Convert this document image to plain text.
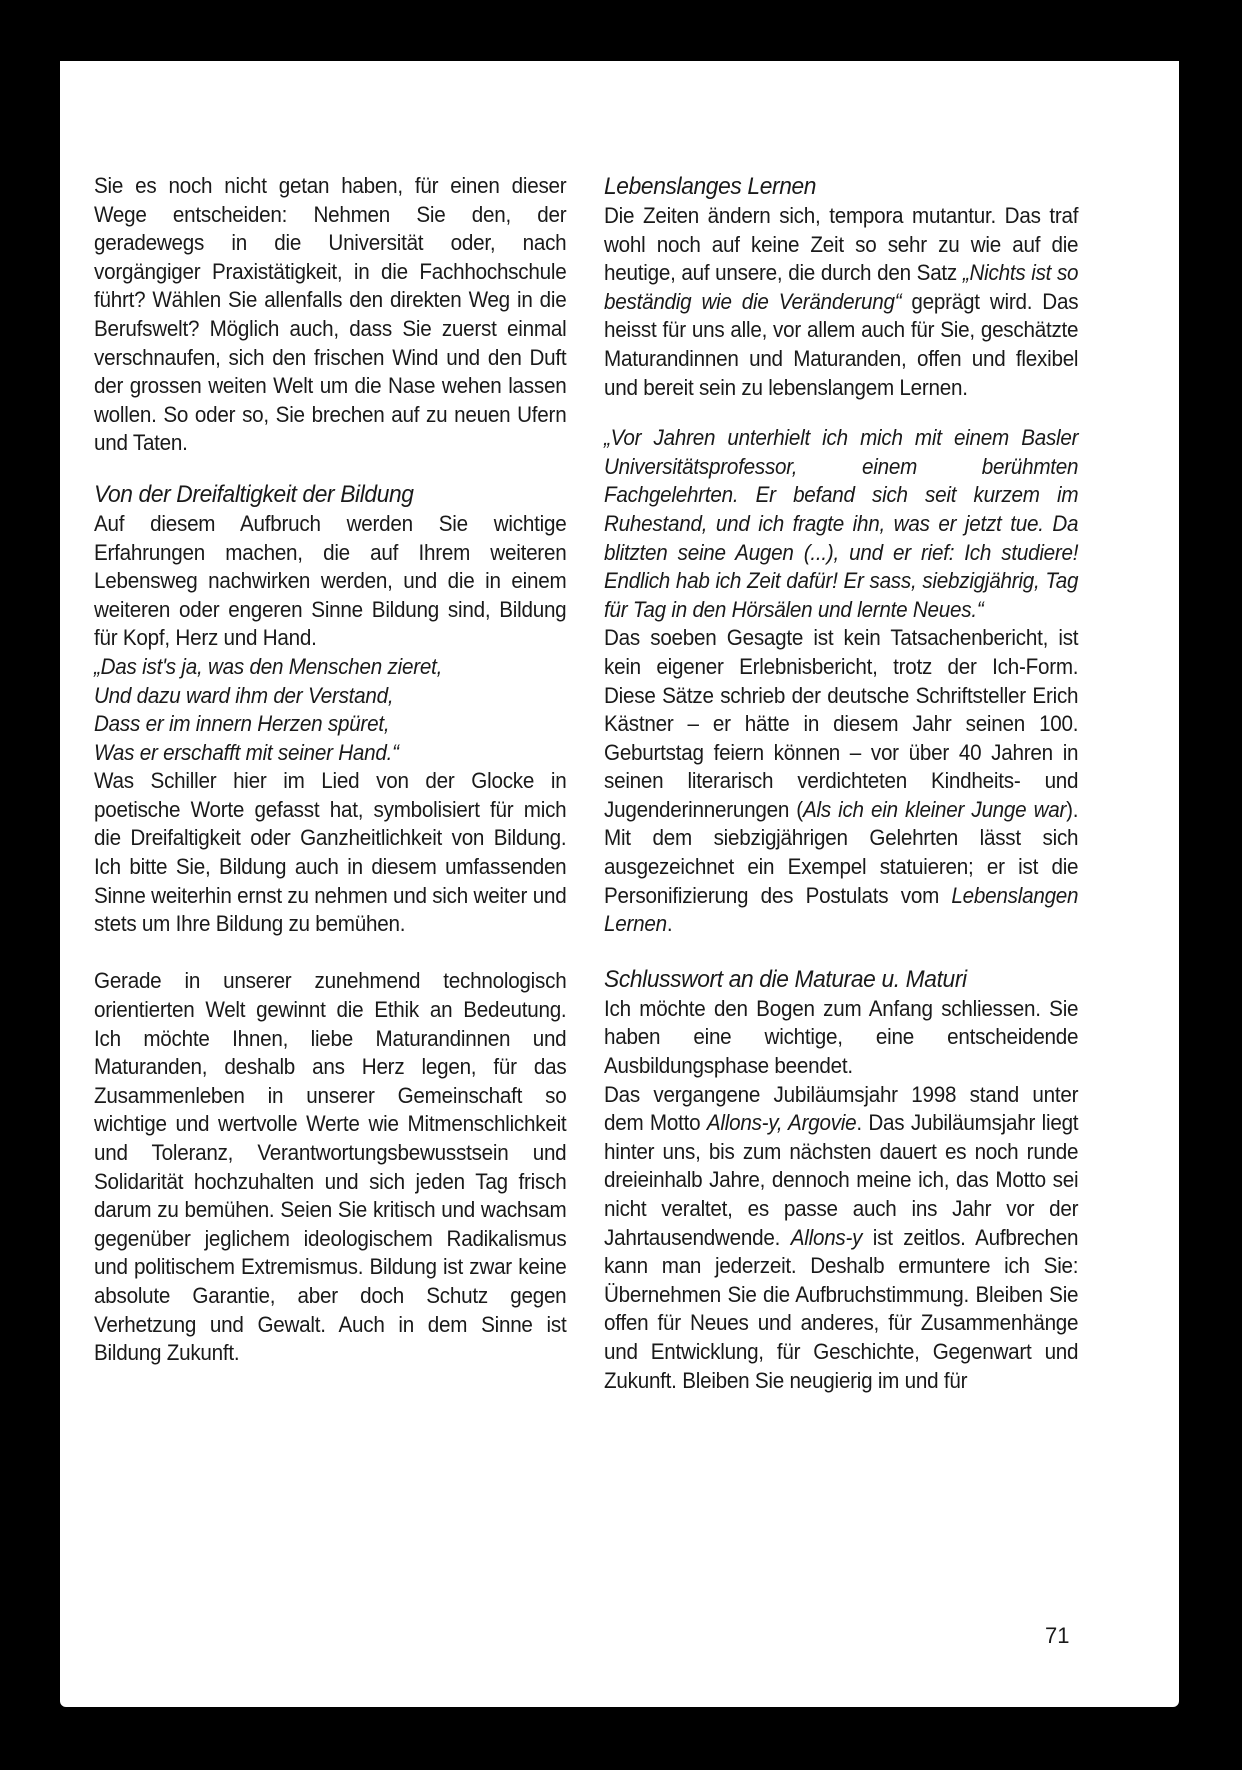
Sie es noch nicht getan haben, für einen dieser Wege entscheiden: Nehmen Sie den, der geradewegs in die Universität oder, nach vorgängiger Praxistätigkeit, in die Fachhochschule führt? Wählen Sie allenfalls den direkten Weg in die Berufswelt? Möglich auch, dass Sie zuerst einmal verschnaufen, sich den frischen Wind und den Duft der grossen weiten Welt um die Nase wehen lassen wollen. So oder so, Sie brechen auf zu neuen Ufern und Taten.

Von der Dreifaltigkeit der Bildung

Auf diesem Aufbruch werden Sie wichtige Erfahrungen machen, die auf Ihrem weiteren Lebensweg nachwirken werden, und die in einem weiteren oder engeren Sinne Bildung sind, Bildung für Kopf, Herz und Hand.

„Das ist's ja, was den Menschen zieret,
Und dazu ward ihm der Verstand,
Dass er im innern Herzen spüret,
Was er erschafft mit seiner Hand.“

Was Schiller hier im Lied von der Glocke in poetische Worte gefasst hat, symbolisiert für mich die Dreifaltigkeit oder Ganzheitlichkeit von Bildung. Ich bitte Sie, Bildung auch in diesem umfassenden Sinne weiterhin ernst zu nehmen und sich weiter und stets um Ihre Bildung zu bemühen.

Gerade in unserer zunehmend technologisch orientierten Welt gewinnt die Ethik an Bedeutung. Ich möchte Ihnen, liebe Maturandinnen und Maturanden, deshalb ans Herz legen, für das Zusammenleben in unserer Gemeinschaft so wichtige und wertvolle Werte wie Mitmenschlichkeit und Toleranz, Verantwortungsbewusstsein und Solidarität hochzuhalten und sich jeden Tag frisch darum zu bemühen. Seien Sie kritisch und wachsam gegenüber jeglichem ideologischem Radikalismus und politischem Extremismus. Bildung ist zwar keine absolute Garantie, aber doch Schutz gegen Verhetzung und Gewalt. Auch in dem Sinne ist Bildung Zukunft.

Lebenslanges Lernen

Die Zeiten ändern sich, tempora mutantur. Das traf wohl noch auf keine Zeit so sehr zu wie auf die heutige, auf unsere, die durch den Satz „Nichts ist so beständig wie die Veränderung“ geprägt wird. Das heisst für uns alle, vor allem auch für Sie, geschätzte Maturandinnen und Maturanden, offen und flexibel und bereit sein zu lebenslangem Lernen.

„Vor Jahren unterhielt ich mich mit einem Basler Universitätsprofessor, einem berühmten Fachgelehrten. Er befand sich seit kurzem im Ruhestand, und ich fragte ihn, was er jetzt tue. Da blitzten seine Augen (...), und er rief: Ich studiere! Endlich hab ich Zeit dafür! Er sass, siebzigjährig, Tag für Tag in den Hörsälen und lernte Neues.“

Das soeben Gesagte ist kein Tatsachenbericht, ist kein eigener Erlebnisbericht, trotz der Ich-Form. Diese Sätze schrieb der deutsche Schriftsteller Erich Kästner – er hätte in diesem Jahr seinen 100. Geburtstag feiern können – vor über 40 Jahren in seinen literarisch verdichteten Kindheits- und Jugenderinnerungen (Als ich ein kleiner Junge war). Mit dem siebzigjährigen Gelehrten lässt sich ausgezeichnet ein Exempel statuieren; er ist die Personifizierung des Postulats vom Lebenslangen Lernen.

Schlusswort an die Maturae u. Maturi

Ich möchte den Bogen zum Anfang schliessen. Sie haben eine wichtige, eine entscheidende Ausbildungsphase beendet.

Das vergangene Jubiläumsjahr 1998 stand unter dem Motto Allons-y, Argovie. Das Jubiläumsjahr liegt hinter uns, bis zum nächsten dauert es noch runde dreieinhalb Jahre, dennoch meine ich, das Motto sei nicht veraltet, es passe auch ins Jahr vor der Jahrtausendwende. Allons-y ist zeitlos. Aufbrechen kann man jederzeit. Deshalb ermuntere ich Sie: Übernehmen Sie die Aufbruchstimmung. Bleiben Sie offen für Neues und anderes, für Zusammenhänge und Entwicklung, für Geschichte, Gegenwart und Zukunft. Bleiben Sie neugierig im und für

71
